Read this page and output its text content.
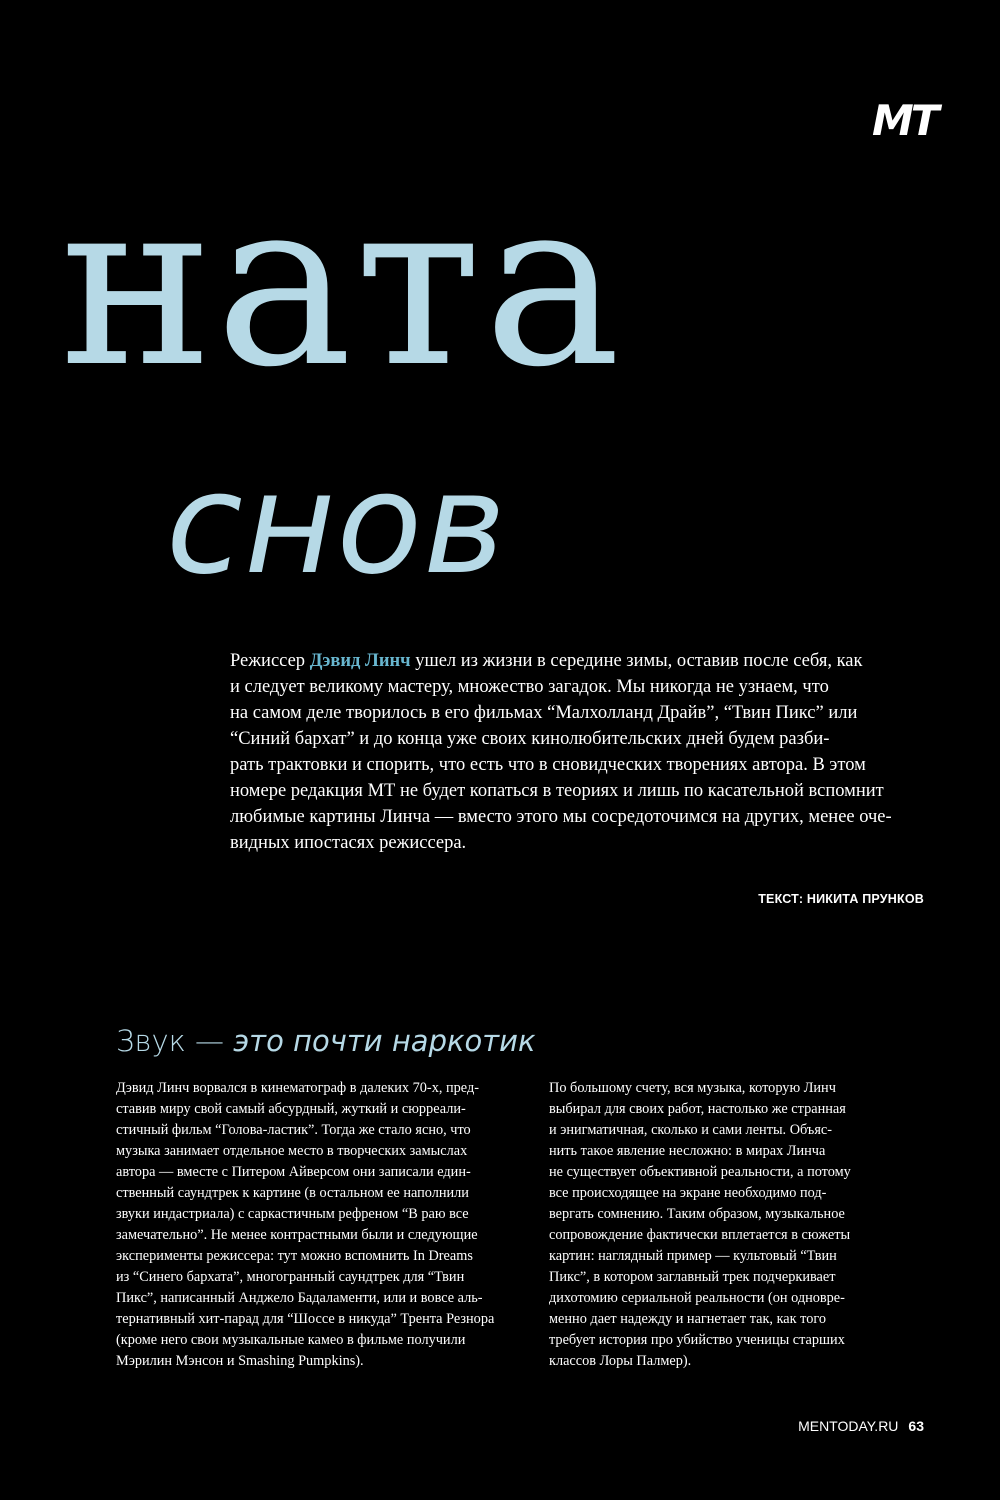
MT
ната
снов

Режиссер Дэвид Линч ушел из жизни в середине зимы, оставив после себя, как

и следует великому мастеру, множество загадок. Мы никогда не узнаем, что

на самом деле творилось в его фильмах “Малхолланд Драйв”, “Твин Пикс” или

“Синий бархат” и до конца уже своих кинолюбительских дней будем разби-

рать трактовки и спорить, что есть что в сновидческих творениях автора. В этом

номере редакция МТ не будет копаться в теориях и лишь по касательной вспомнит

любимые картины Линча — вместо этого мы сосредоточимся на других, менее оче-

видных ипостасях режиссера.

ТЕКСТ: НИКИТА ПРУНКОВ
Звук — это почти наркотик

Дэвид Линч ворвался в кинематограф в далеких 70-х, пред-

ставив миру свой самый абсурдный, жуткий и сюрреали-

стичный фильм “Голова-ластик”. Тогда же стало ясно, что

музыка занимает отдельное место в творческих замыслах

автора — вместе с Питером Айверсом они записали един-

ственный саундтрек к картине (в остальном ее наполнили

звуки индастриала) с саркастичным рефреном “В раю все

замечательно”. Не менее контрастными были и следующие

эксперименты режиссера: тут можно вспомнить In Dreams

из “Синего бархата”, многогранный саундтрек для “Твин

Пикс”, написанный Анджело Бадаламенти, или и вовсе аль-

тернативный хит-парад для “Шоссе в никуда” Трента Резнора

(кроме него свои музыкальные камео в фильме получили

Мэрилин Мэнсон и Smashing Pumpkins).

По большому счету, вся музыка, которую Линч

выбирал для своих работ, настолько же странная

и энигматичная, сколько и сами ленты. Объяс-

нить такое явление несложно: в мирах Линча

не существует объективной реальности, а потому

все происходящее на экране необходимо под-

вергать сомнению. Таким образом, музыкальное

сопровождение фактически вплетается в сюжеты

картин: наглядный пример — культовый “Твин

Пикс”, в котором заглавный трек подчеркивает

дихотомию сериальной реальности (он одновре-

менно дает надежду и нагнетает так, как того

требует история про убийство ученицы старших

классов Лоры Палмер).

MENTODAY.RU 63
